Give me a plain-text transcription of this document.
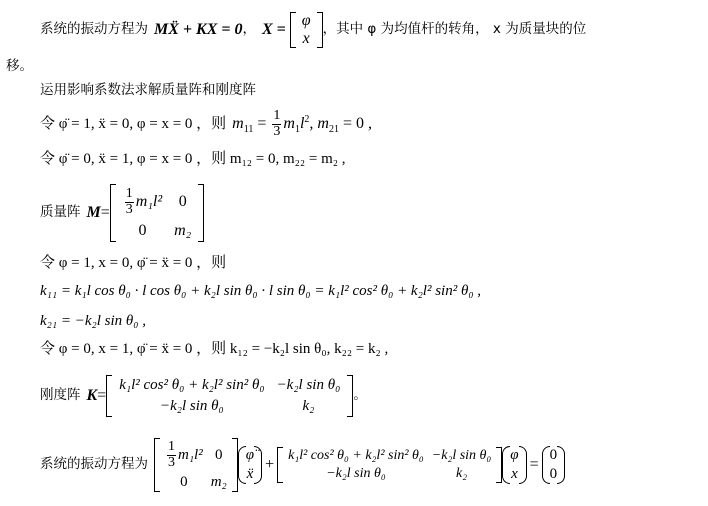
系统的振动方程为 MẌ + KX = 0 ， X =
φ
x
，其中 φ 为均值杆的转角， x 为质量块的位
移。
运用影响系数法求解质量阵和刚度阵
令 φ̈ = 1, ẍ = 0, φ = x = 0 ，则 $m_{11} = \frac{1}{3} m_1l^2$ , $m_{21} = 0$ ,
令 φ̈ = 0, ẍ = 1, φ = x = 0 ，则 m₁₂ = 0, m₂₂ = m₂ ,
质量阵 $M = \frac{1}{3} m_1l^2$ 0
0	m₂
令 φ = 1, x = 0, φ̈ = ẍ = 0 ，则
k₁₁ = k₁l cos θ₀ · l cos θ₀ + k₂l sin θ₀ · l sin θ₀ = k₁l² cos² θ₀ + k₂l² sin² θ₀ ,
k₂₁ = −k₂l sin θ₀ ,
令 φ = 0, x = 1, φ̈ = ẍ = 0 ，则 k₁₂ = −k₂l sin θ₀, k₂₂ = k₂ ,
刚度阵 K =
k₁l² cos² θ₀ + k₂l² sin² θ₀	−k₂l sin θ₀
−k₂l sin θ₀	k₂
。
系统的振动方程为 $\frac{1}{3} m_1l^2$ 0
0	m₂
φ̈
ẍ
+
k₁l² cos² θ₀ + k₂l² sin² θ₀	−k₂l sin θ₀
−k₂l sin θ₀	k₂
φ
x
=
0
0
